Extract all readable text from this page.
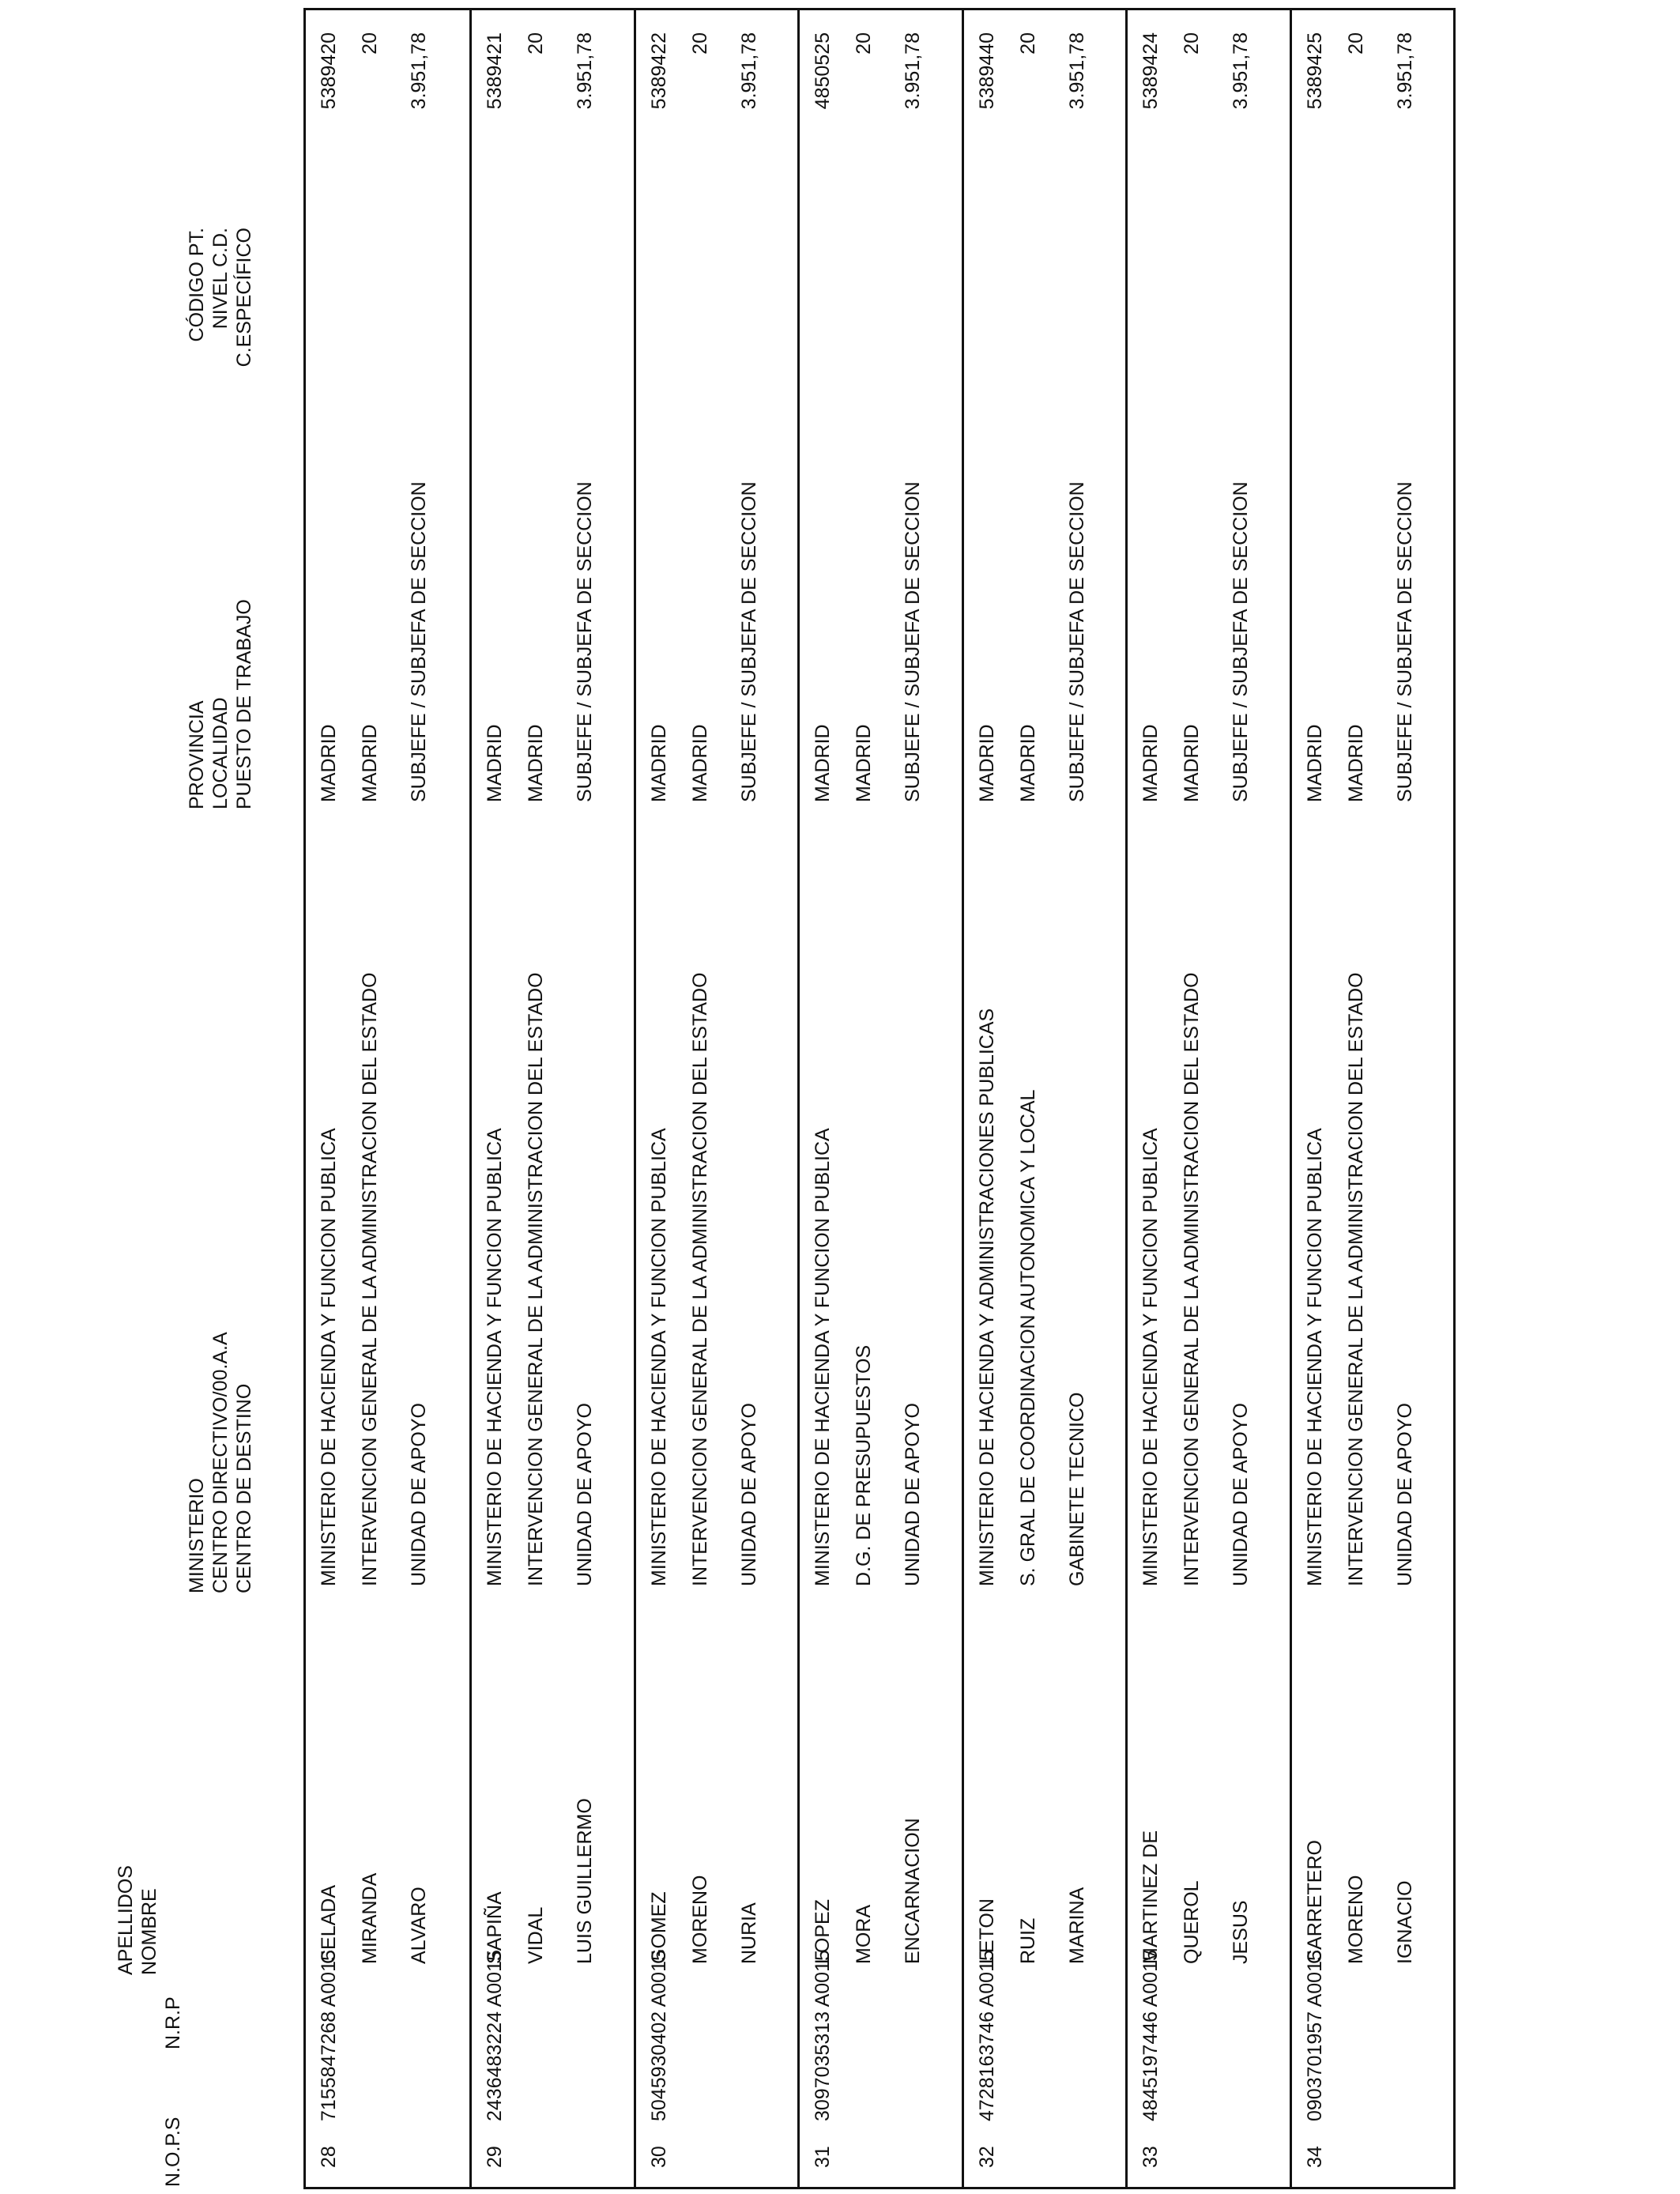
N.O.P.S
N.R.P
APELLIDOS NOMBRE
MINISTERIO CENTRO DIRECTIVO/00.A.A CENTRO DE DESTINO
PROVINCIA LOCALIDAD PUESTO DE TRABAJO
CÓDIGO PT. NIVEL C.D. C.ESPECÍFICO
28
7155847268 A0015
CELADA MIRANDA ALVARO
MINISTERIO DE HACIENDA Y FUNCION PUBLICA INTERVENCION GENERAL DE LA ADMINISTRACION DEL ESTADO UNIDAD DE APOYO
MADRID MADRID SUBJEFE / SUBJEFA DE SECCION
5389420 20 3.951,78
29
2436483224 A0015
SAPIÑA VIDAL LUIS GUILLERMO
MINISTERIO DE HACIENDA Y FUNCION PUBLICA INTERVENCION GENERAL DE LA ADMINISTRACION DEL ESTADO UNIDAD DE APOYO
MADRID MADRID SUBJEFE / SUBJEFA DE SECCION
5389421 20 3.951,78
30
5045930402 A0015
GOMEZ MORENO NURIA
MINISTERIO DE HACIENDA Y FUNCION PUBLICA INTERVENCION GENERAL DE LA ADMINISTRACION DEL ESTADO UNIDAD DE APOYO
MADRID MADRID SUBJEFE / SUBJEFA DE SECCION
5389422 20 3.951,78
31
3097035313 A0015
LOPEZ MORA ENCARNACION
MINISTERIO DE HACIENDA Y FUNCION PUBLICA D.G. DE PRESUPUESTOS UNIDAD DE APOYO
MADRID MADRID SUBJEFE / SUBJEFA DE SECCION
4850525 20 3.951,78
32
4728163746 A0015
LETON RUIZ MARINA
MINISTERIO DE HACIENDA Y ADMINISTRACIONES PUBLICAS S. GRAL DE COORDINACION AUTONOMICA Y LOCAL GABINETE TECNICO
MADRID MADRID SUBJEFE / SUBJEFA DE SECCION
5389440 20 3.951,78
33
4845197446 A0015
MARTINEZ DE QUEROL JESUS
MINISTERIO DE HACIENDA Y FUNCION PUBLICA INTERVENCION GENERAL DE LA ADMINISTRACION DEL ESTADO UNIDAD DE APOYO
MADRID MADRID SUBJEFE / SUBJEFA DE SECCION
5389424 20 3.951,78
34
0903701957 A0015
CARRETERO MORENO IGNACIO
MINISTERIO DE HACIENDA Y FUNCION PUBLICA INTERVENCION GENERAL DE LA ADMINISTRACION DEL ESTADO UNIDAD DE APOYO
MADRID MADRID SUBJEFE / SUBJEFA DE SECCION
5389425 20 3.951,78
